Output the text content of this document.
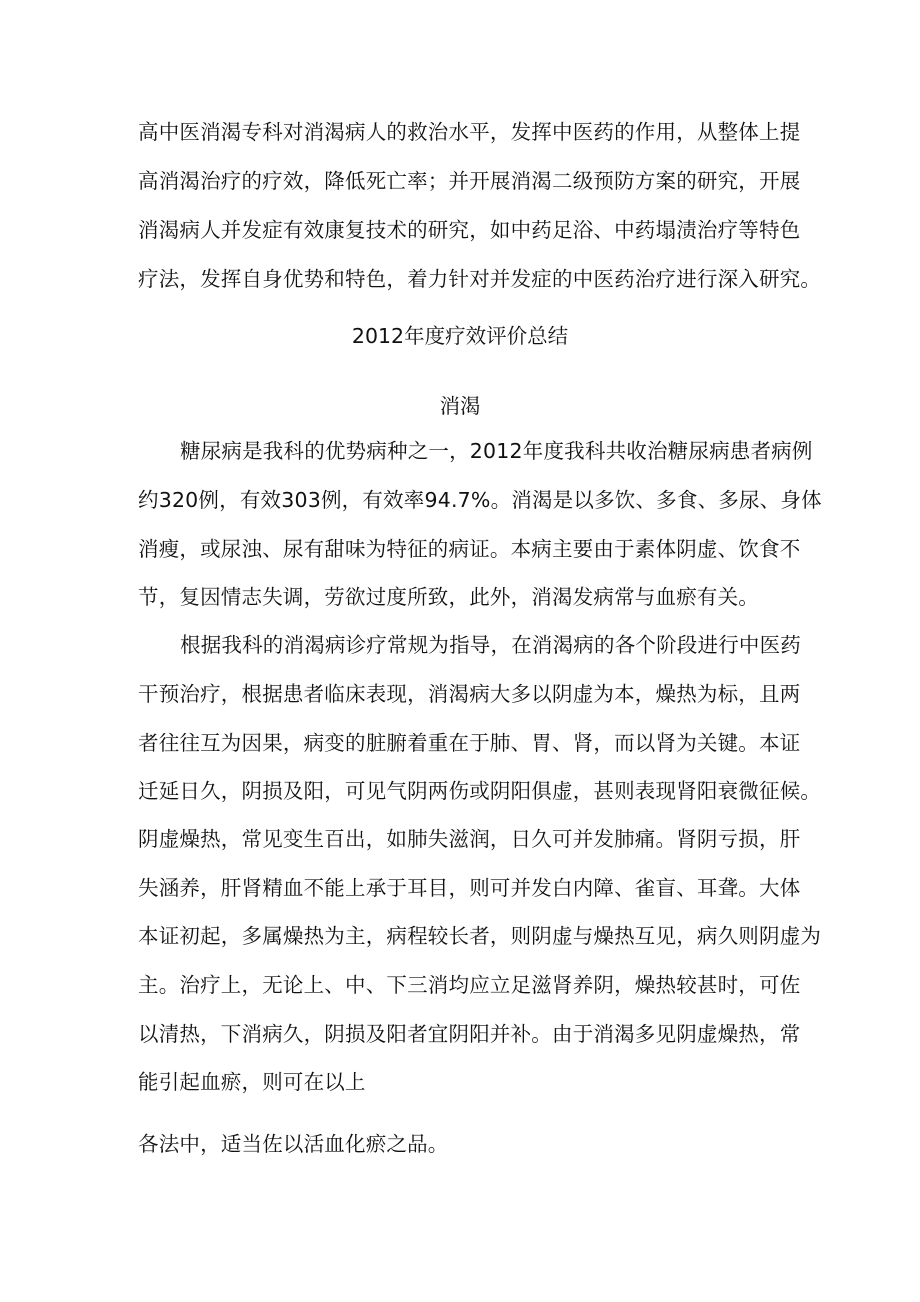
高中医消渴专科对消渴病人的救治水平，发挥中医药的作用，从整体上提
高消渴治疗的疗效，降低死亡率；并开展消渴二级预防方案的研究，开展
消渴病人并发症有效康复技术的研究，如中药足浴、中药塌渍治疗等特色
疗法，发挥自身优势和特色，着力针对并发症的中医药治疗进行深入研究。
2012年度疗效评价总结
消渴
糖尿病是我科的优势病种之一，2012年度我科共收治糖尿病患者病例
约320例，有效303例，有效率94.7%。消渴是以多饮、多食、多尿、身体
消瘦，或尿浊、尿有甜味为特征的病证。本病主要由于素体阴虚、饮食不
节，复因情志失调，劳欲过度所致，此外，消渴发病常与血瘀有关。
根据我科的消渴病诊疗常规为指导，在消渴病的各个阶段进行中医药
干预治疗，根据患者临床表现，消渴病大多以阴虚为本，燥热为标，且两
者往往互为因果，病变的脏腑着重在于肺、胃、肾，而以肾为关键。本证
迁延日久，阴损及阳，可见气阴两伤或阴阳俱虚，甚则表现肾阳衰微征候。
阴虚燥热，常见变生百出，如肺失滋润，日久可并发肺痛。肾阴亏损，肝
失涵养，肝肾精血不能上承于耳目，则可并发白内障、雀盲、耳聋。大体
本证初起，多属燥热为主，病程较长者，则阴虚与燥热互见，病久则阴虚为
主。治疗上，无论上、中、下三消均应立足滋肾养阴，燥热较甚时，可佐
以清热，下消病久，阴损及阳者宜阴阳并补。由于消渴多见阴虚燥热，常
能引起血瘀，则可在以上
各法中，适当佐以活血化瘀之品。
